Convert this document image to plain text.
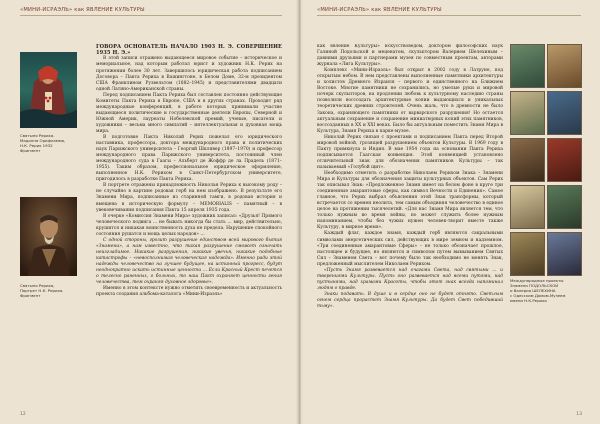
«МИНИ-ИСРАЭЛЬ» как ЯВЛЕНИЕ КУЛЬТУРЫ
Святыня Рериха.
Мадонна Орифламма,
Н.К. Рерих 1932
Фрагмент
Святыня Рериха,
Портрет Н.К. Рериха.
Фрагмент

ГОВОРА ОСНОВАТЕЛЬ НАЧАЛО 1903 Н. Э. СОВЕРШЕНИЕ 1935 Н. Э.»

В этой записи отражено выдающееся мировое событие – историческое и мемориальное, над которым работал юрист и художник Н.К. Рерих на протяжении более 30 лет. Завершилось юридическая работа подписанием Договора – Пакта Рериха в Вашингтоне, в Белом Доме, 32-м президентом США Франклином Рузвельтом (1882–1945) и представителями двадцати одной Латино-Американской страны.

Перед подписанием Пакта Рериха был составлен постоянно действующие Комитеты Пакта Рериха в Европе, США и в других странах. Проходит ряд международные конференций, в работе которых принимали участие выдающиеся политические и государственные деятели Европы, Северной и Южной Америк, лауреаты Нобелевской премий, ученые, писатели и художники – весьма много симпатий – интеллектуальная и духовная мощь мира.

В подготовке Пакта Николай Рерих пожелал его юридического наставника, профессора, доктора международного права и политических наук Парижского университета – Георгий Шклявер (1897–1970) и профессор международного права Парижского университета, постоянный член международного суда в Гаагы – Альберт де Жоффр де ла Прадель (1871–1955). Таким образом, профессиональное юридическое оформление, выполненное Н.К. Рерихом в Санкт-Петербургском университете, пригодилось в разработке Пакта Рериха.

В портрете отражены принадлежность Николая Рериха к высокому роду – не случайно в картине родовая герб на нем изображено. В результате его Знамени Мира, подписанные из старинной тамги, в родовая история и вмещена в историческую формулу – MEMORIALIS – памятный – в увековечивании подписания Пакта 15 апреля 1935 года.

В очерке «Комиссия Знамени Мира» художник записал: «Друзья! Прямого человеческого подвига ... не бывать никогда бы стать ... мир, действительно, крушится и никакая воинственность духа не предела. Нарушение спокойного состояния рушатся и мощь целых народов» ...

С одной стороны, грозит разрушение единством всей мирового бытия «Знамени», а нам известно, что такая разрушение сможет означать неизгладимое. Никакие разрушения, никакие увечья, никакие подобные катастрофы – «невосполнимая человеческая надежда». Именно ради этой надежды человечество на лучшее будущее, на истинный прогресс, будут неоднократно искать истинные ценности ... Если Красный Крест печется о телесно раненных, о больных, то наш Пакт охраняет ценности гения человечества, тем охраняя духовное здоровье».

Именно в этом контексте нужно отметить своевременность и актуальность проекта создания альбома-каталога «Мини-Израэль»

12
«МИНИ-ИСРАЭЛЬ» как ЯВЛЕНИЕ КУЛЬТУРЫ

как явление Культуры» искусствоведом, доктором философских наук Галиной Подольской и меценатом, скульптором Валерием Шелехиным – давними друзьями и партнерами музея по совместным проектам, авторами журнала «Лига Культуры».

Комплекс «Мини-Израэль» был открыт в 2002 году в Латруне, под открытым небом. В нем представлены выполненные памятники архитектуры и холистов Древнего Израиля – первого и единственного на Ближнем Востоке. Многие памятники не сохранились, но умелые руки и мировой почерк скульпторов, на продлении любовь к культурному наследию страны позволили воссоздать архитектурные копии выдающихся и уникальных теоретических древних строителей. Очень жаль, что в древности не было Закона, охраняющего памятники от варварского разрушения! Но остается актуальным сохранение и сохранение миниатюрных копий этих памятников, воссозданных в XX и XXI веках. Было бы актуальным поместить Знамя Мира в Культура, Знамя Рериха в парке-музее.

Николай Рерих связан с проектами и подписанием Пакта перед Второй мировой войной, грозящей разрушением объектов Культуры. В 1969 году в Пакту примкнула и Индия. В мае 1954 года на основании Пакта Рериха подписывается Гаагская конвенция. Этой конвенцией установлено отличительный знак для обозначения памятников Культуры – так называемый «Голубой щит».

Необходимо отметить о разработке Николаем Рерихом Знака – Знамени Мира и Культуры для обозначения защиты культурных объектов. Сам Рерих так описывал Знак: «Предложенное Знамя имеет на белом фоне в круге три соединенные амарантовые сферы, как символ Вечности и Единения». Самое главное, что Рерих выбрал объяснения этой Знак трансформы, который встречается со времен неолита, тем самым объединяя человечество в единое целое на протяжении тысячелетий. «Для нас Знамя Мира является тем, что только нужным во время войны, но может служить более нужным напоминанием, чтобы без чужих нужен человек-творит вместе также Культуру, в мирное время».

Каждый флаг, каждое знамя, каждый герб являются сакральными символами энергетических сил, действующих в мире земном и надземном. «Три соединенные амарантовые Сферы» – не только обозначает прошлое, настоящее и будущее, но являются и символом путем вымыванием Святых Сил – Знаменем Света – вот почему было так необходимо не менять Знак, предложенный мыслителем Николаем Рерихом.

«Пусть Знамя развевается над очагами Света, над святыми ... и творениями Культуры. Пусть оно развевается над всеми путями, над пустынями, над храмами Красоты, чтобы этот знак всегда напоминал людям о правде.

Знаки подавать. В душе и в сердце оно не будет отнято. Светлым огнем сердца прорастет Знамя Культуры. Да будет Свет победивший тьму».

Международные проекты
Знамени ПОДОЛЬСКОЙ
и Валерия ШЕЛЕХИНА
с Одесским Домом-Музеем
имени Н.К.Рериха
13
